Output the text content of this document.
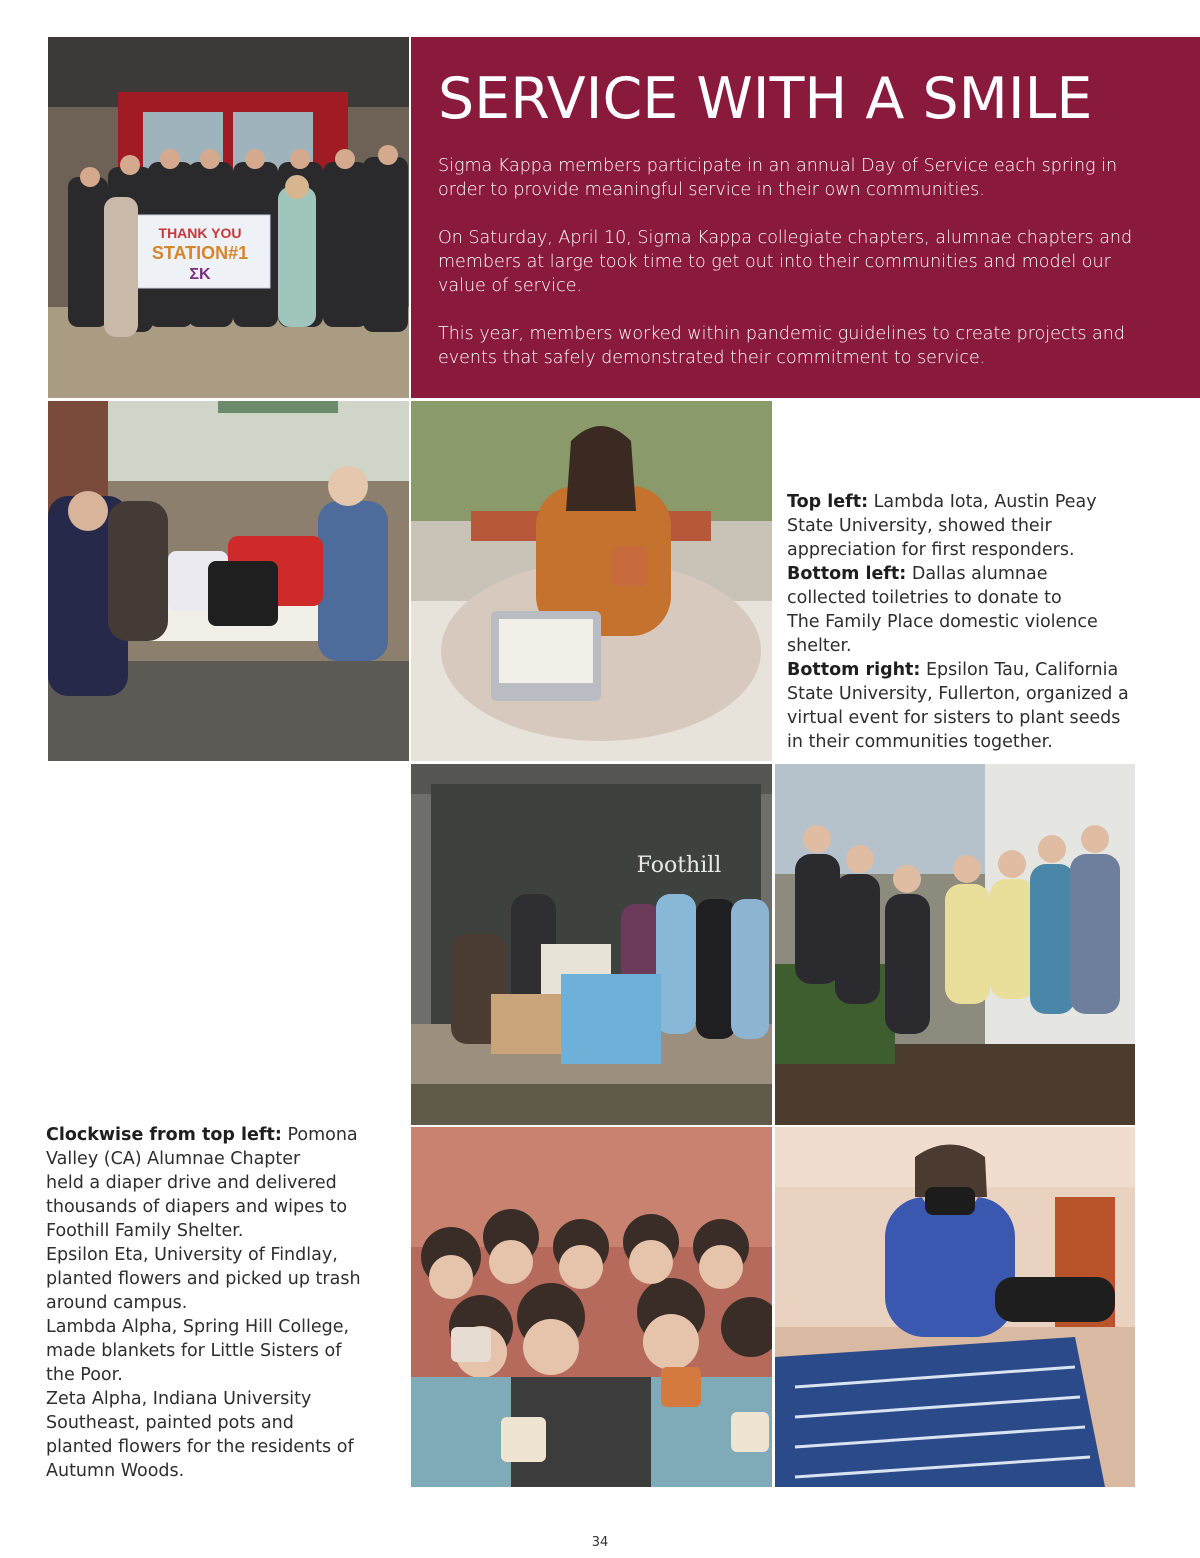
THANK YOU
STATION#1
ΣK
SERVICE WITH A SMILE

Sigma Kappa members participate in an annual Day of Service each spring in order to provide meaningful service in their own communities.

On Saturday, April 10, Sigma Kappa collegiate chapters, alumnae chapters and members at large took time to get out into their communities and model our value of service.

This year, members worked within pandemic guidelines to create projects and events that safely demonstrated their commitment to service.

Top left: Lambda Iota, Austin Peay
State University, showed their
appreciation for first responders.
Bottom left: Dallas alumnae
collected toiletries to donate to
The Family Place domestic violence
shelter.
Bottom right: Epsilon Tau, California
State University, Fullerton, organized a
virtual event for sisters to plant seeds
in their communities together.
Foothill
Clockwise from top left: Pomona
Valley (CA) Alumnae Chapter
held a diaper drive and delivered
thousands of diapers and wipes to
Foothill Family Shelter.
Epsilon Eta, University of Findlay,
planted flowers and picked up trash
around campus.
Lambda Alpha, Spring Hill College,
made blankets for Little Sisters of
the Poor.
Zeta Alpha, Indiana University
Southeast, painted pots and
planted flowers for the residents of
Autumn Woods.
34
